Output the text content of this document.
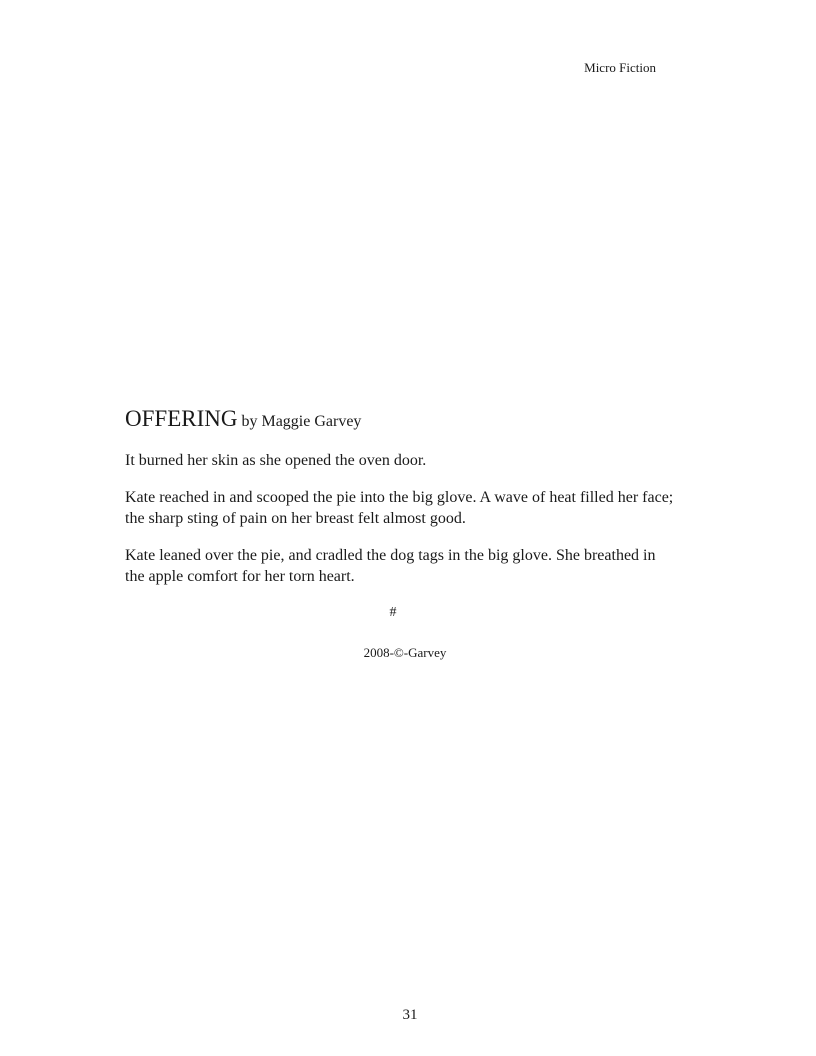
Micro Fiction
OFFERING by Maggie Garvey

It burned her skin as she opened the oven door.

Kate reached in and scooped the pie into the big glove. A wave of heat filled her face;
the sharp sting of pain on her breast felt almost good.

Kate leaned over the pie, and cradled the dog tags in the big glove. She breathed in
the apple comfort for her torn heart.

#
2008-©-Garvey
31
